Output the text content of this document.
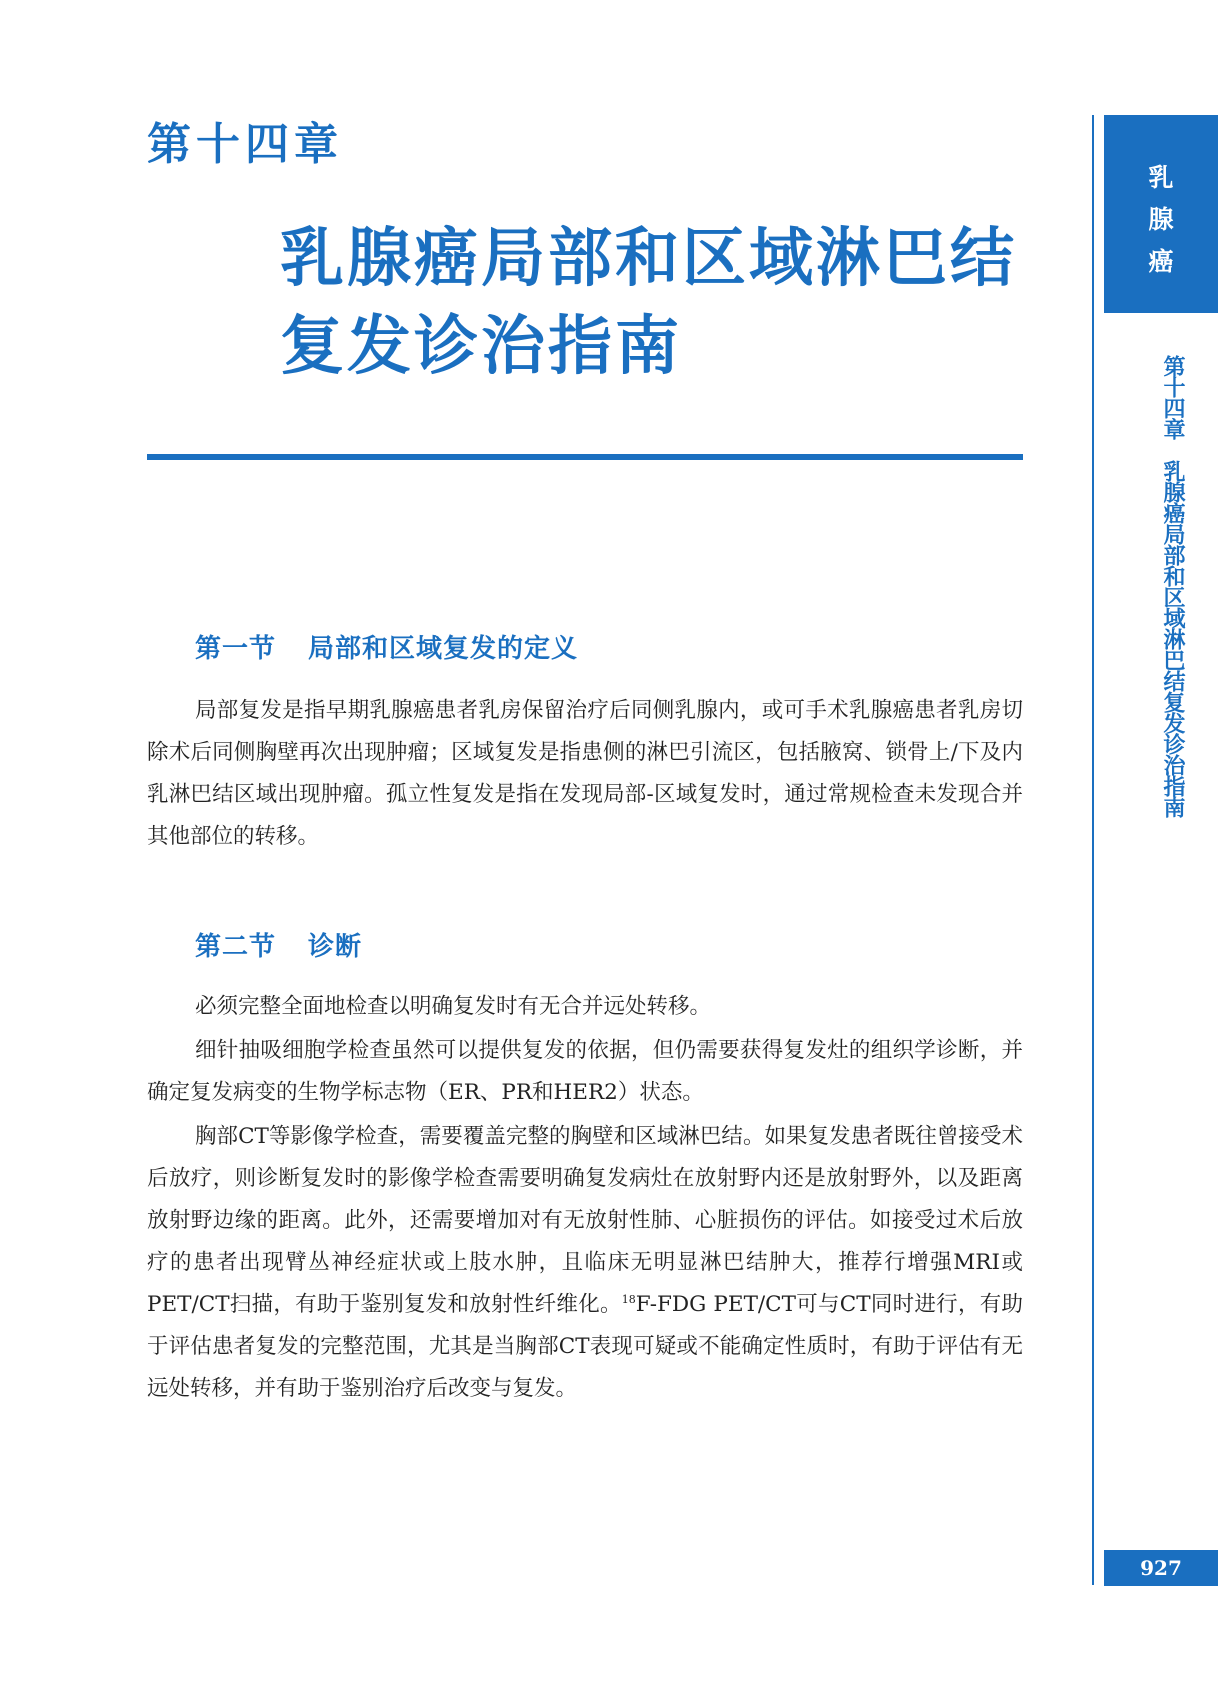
第十四章
乳腺癌局部和区域淋巴结
复发诊治指南
第一节 局部和区域复发的定义

局部复发是指早期乳腺癌患者乳房保留治疗后同侧乳腺内，或可手术乳腺癌患者乳房切除术后同侧胸壁再次出现肿瘤；区域复发是指患侧的淋巴引流区，包括腋窝、锁骨上/下及内乳淋巴结区域出现肿瘤。孤立性复发是指在发现局部-区域复发时，通过常规检查未发现合并其他部位的转移。

第二节 诊断

必须完整全面地检查以明确复发时有无合并远处转移。

细针抽吸细胞学检查虽然可以提供复发的依据，但仍需要获得复发灶的组织学诊断，并确定复发病变的生物学标志物（ER、PR和HER2）状态。

胸部CT等影像学检查，需要覆盖完整的胸壁和区域淋巴结。如果复发患者既往曾接受术后放疗，则诊断复发时的影像学检查需要明确复发病灶在放射野内还是放射野外，以及距离放射野边缘的距离。此外，还需要增加对有无放射性肺、心脏损伤的评估。如接受过术后放疗的患者出现臂丛神经症状或上肢水肿，且临床无明显淋巴结肿大，推荐行增强MRI或PET/CT扫描，有助于鉴别复发和放射性纤维化。$^{18}$F-FDG PET/CT可与CT同时进行，有助于评估患者复发的完整范围，尤其是当胸部CT表现可疑或不能确定性质时，有助于评估有无远处转移，并有助于鉴别治疗后改变与复发。

乳
腺
癌
第十四章　乳腺癌局部和区域淋巴结复发诊治指南
927
